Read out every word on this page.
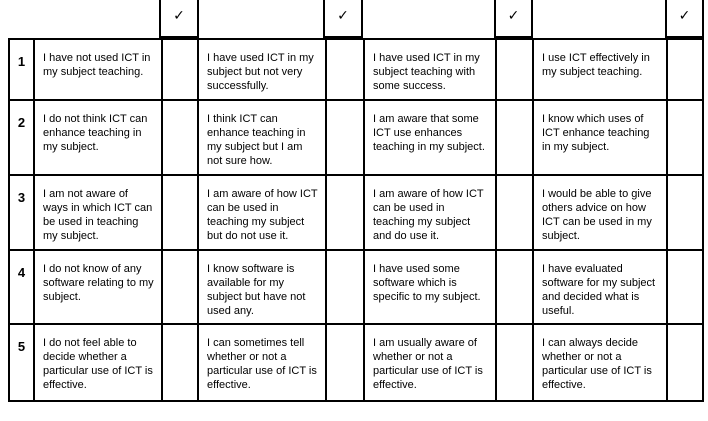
✓	✓	✓	✓
1	I have not used ICT in my subject teaching.		I have used ICT in my subject but not very successfully.		I have used ICT in my subject teaching with some success.		I use ICT effectively in my subject teaching.	

2	I do not think ICT can enhance teaching in my subject.		I think ICT can enhance teaching in my subject but I am not sure how.		I am aware that some ICT use enhances teaching in my subject.		I know which uses of ICT enhance teaching in my subject.	

3	I am not aware of ways in which ICT can be used in teaching my subject.		I am aware of how ICT can be used in teaching my subject but do not use it.		I am aware of how ICT can be used in teaching my subject and do use it.		I would be able to give others advice on how ICT can be used in my subject.	

4	I do not know of any software relating to my subject.		I know software is available for my subject but have not used any.		I have used some software which is specific to my subject.		I have evaluated software for my subject and decided what is useful.	

5	I do not feel able to decide whether a particular use of ICT is effective.		I can sometimes tell whether or not a particular use of ICT is effective.		I am usually aware of whether or not a particular use of ICT is effective.		I can always decide whether or not a particular use of ICT is effective.	
